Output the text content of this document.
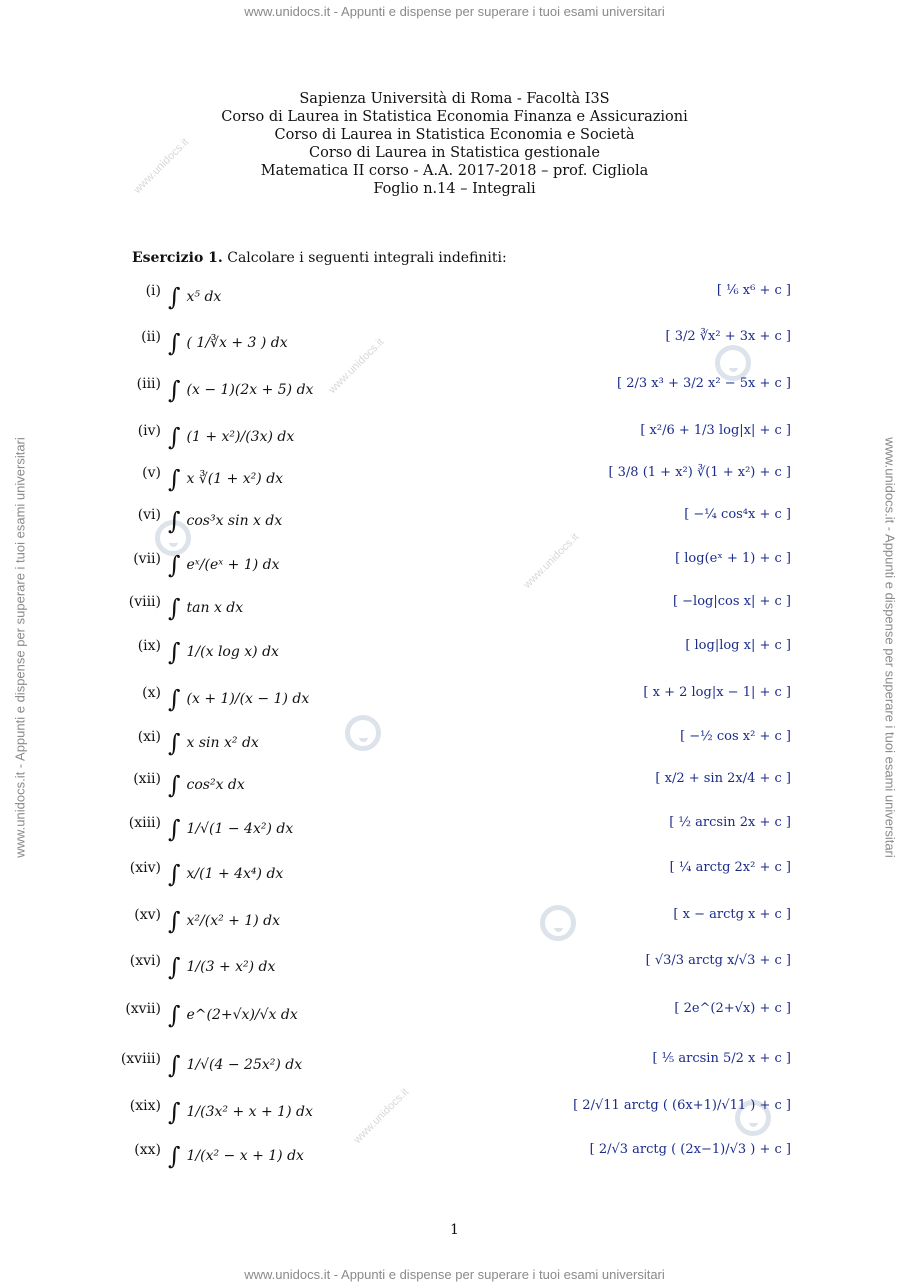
www.unidocs.it - Appunti e dispense per superare i tuoi esami universitari
www.unidocs.it - Appunti e dispense per superare i tuoi esami universitari
www.unidocs.it - Appunti e dispense per superare i tuoi esami universitari	www.unidocs.it - Appunti e dispense per superare i tuoi esami universitari
www.unidocs.it
www.unidocs.it
www.unidocs.it
www.unidocs.it
Sapienza Università di Roma - Facoltà I3S
Corso di Laurea in Statistica Economia Finanza e Assicurazioni
Corso di Laurea in Statistica Economia e Società
Corso di Laurea in Statistica gestionale
Matematica II corso - A.A. 2017-2018 – prof. Cigliola
Foglio n.14 – Integrali
Esercizio 1. Calcolare i seguenti integrali indefiniti:
(i) ∫ x⁵ dx	[ ⅙ x⁶ + c ]
(ii) ∫ ( 1/∛x + 3 ) dx	[ 3/2 ∛x² + 3x + c ]
(iii) ∫ (x − 1)(2x + 5) dx	[ 2/3 x³ + 3/2 x² − 5x + c ]
(iv) ∫ (1 + x²)/(3x) dx	[ x²/6 + 1/3 log|x| + c ]
(v) ∫ x ∛(1 + x²) dx	[ 3/8 (1 + x²) ∛(1 + x²) + c ]
(vi) ∫ cos³x sin x dx	[ −¼ cos⁴x + c ]
(vii) ∫ eˣ/(eˣ + 1) dx	[ log(eˣ + 1) + c ]
(viii) ∫ tan x dx	[ −log|cos x| + c ]
(ix) ∫ 1/(x log x) dx	[ log|log x| + c ]
(x) ∫ (x + 1)/(x − 1) dx	[ x + 2 log|x − 1| + c ]
(xi) ∫ x sin x² dx	[ −½ cos x² + c ]
(xii) ∫ cos²x dx	[ x/2 + sin 2x/4 + c ]
(xiii) ∫ 1/√(1 − 4x²) dx	[ ½ arcsin 2x + c ]
(xiv) ∫ x/(1 + 4x⁴) dx	[ ¼ arctg 2x² + c ]
(xv) ∫ x²/(x² + 1) dx	[ x − arctg x + c ]
(xvi) ∫ 1/(3 + x²) dx	[ √3/3 arctg x/√3 + c ]
(xvii) ∫ e^(2+√x)/√x dx	[ 2e^(2+√x) + c ]
(xviii) ∫ 1/√(4 − 25x²) dx	[ ⅕ arcsin 5/2 x + c ]
(xix) ∫ 1/(3x² + x + 1) dx	[ 2/√11 arctg ( (6x+1)/√11 ) + c ]
(xx) ∫ 1/(x² − x + 1) dx	[ 2/√3 arctg ( (2x−1)/√3 ) + c ]
1
